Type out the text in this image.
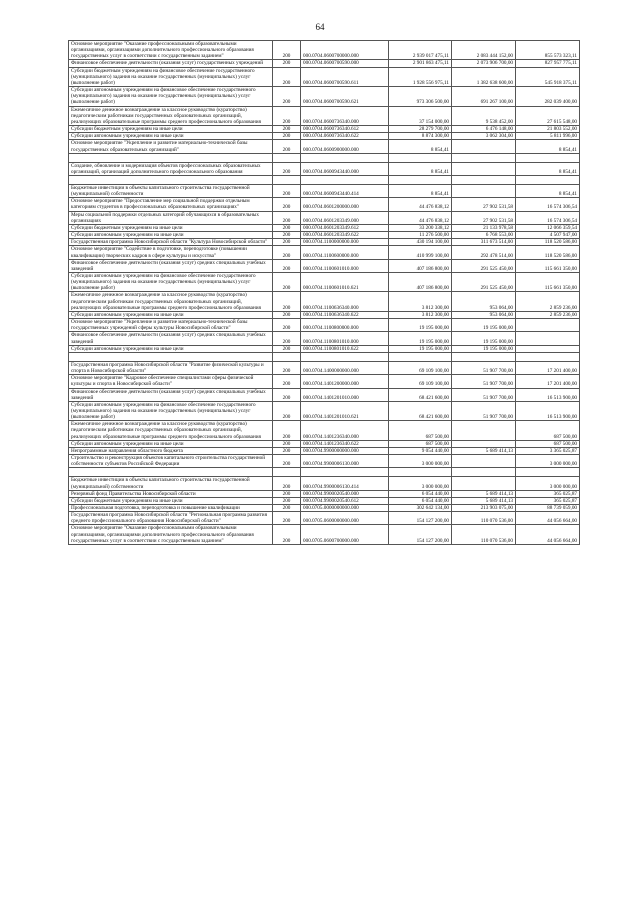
64
Основное мероприятие "Оказание профессиональными образовательными организациями, организациями дополнительного профессионального образования государственных услуг в соответствии с государственным заданием"	200	000.0704.0600700000.000	2 939 017 475,11	2 083 444 152,00	855 573 323,11
Финансовое обеспечение деятельности (оказания услуг) государственных учреждений	200	000.0704.0600700590.000	2 901 863 475,11	2 073 906 700,00	827 957 775,11
Субсидии бюджетным учреждениям на финансовое обеспечение государственного (муниципального) задания на оказание государственных (муниципальных) услуг (выполнение работ)	200	000.0704.0600700590.611	1 928 556 975,11	1 382 638 600,00	545 918 375,11
Субсидии автономным учреждениям на финансовое обеспечение государственного (муниципального) задания на оказание государственных (муниципальных) услуг (выполнение работ)	200	000.0704.0600700590.621	973 306 500,00	691 267 100,00	282 039 400,00
Ежемесячное денежное вознаграждение за классное руководство (кураторство) педагогическим работникам государственных образовательных организаций, реализующих образовательные программы среднего профессионального образования	200	000.0704.0600736340.000	37 154 000,00	9 538 452,00	27 615 548,00
Субсидии бюджетным учреждениям на иные цели	200	000.0704.0600736340.612	28 279 700,00	6 476 148,00	21 803 552,00
Субсидии автономным учреждениям на иные цели	200	000.0704.0600736340.622	8 874 300,00	3 062 304,00	5 811 996,00
Основное мероприятие "Укрепление и развитие материально-технической базы государственных образовательных организаций"	200	000.0704.0600900000.000	8 854,41		8 854,41

Создание, обновление и модернизация объектов профессиональных образовательных организаций, организаций дополнительного профессионального образования	200	000.0704.0600943440.000	8 854,41		8 854,41

Бюджетные инвестиции в объекты капитального строительства государственной (муниципальной) собственности	200	000.0704.0600943440.414	8 854,41		8 854,41
Основное мероприятие "Предоставление мер социальной поддержки отдельным категориям студентов в профессиональных образовательных организациях"	200	000.0704.0601200000.000	44 476 838,12	27 902 531,58	16 574 306,54
Меры социальной поддержки отдельных категорий обучающихся в образовательных организациях	200	000.0704.0601203349.000	44 476 838,12	27 902 531,58	16 574 306,54
Субсидии бюджетным учреждениям на иные цели	200	000.0704.0601203349.612	33 200 338,12	21 133 978,58	12 066 359,54
Субсидии автономным учреждениям на иные цели	200	000.0704.0601203349.622	11 276 500,00	6 768 553,00	4 507 947,00
Государственная программа Новосибирской области "Культура Новосибирской области"	200	000.0704.1100000000.000	430 194 100,00	311 673 514,00	118 520 586,00
Основное мероприятие "Содействие в подготовке, переподготовке (повышении квалификации) творческих кадров в сфере культуры и искусства"	200	000.0704.1100600000.000	410 999 100,00	292 478 514,00	118 520 586,00
Финансовое обеспечение деятельности (оказания услуг) средних специальных учебных заведений	200	000.0704.1100601010.000	407 186 800,00	291 525 450,00	115 661 350,00
Субсидии автономным учреждениям на финансовое обеспечение государственного (муниципального) задания на оказание государственных (муниципальных) услуг (выполнение работ)	200	000.0704.1100601010.621	407 186 800,00	291 525 450,00	115 661 350,00
Ежемесячное денежное вознаграждение за классное руководство (кураторство) педагогическим работникам государственных образовательных организаций, реализующих образовательные программы среднего профессионального образования	200	000.0704.1100636340.000	3 812 300,00	953 064,00	2 859 236,00
Субсидии автономным учреждениям на иные цели	200	000.0704.1100636340.622	3 812 300,00	953 064,00	2 859 236,00
Основное мероприятие "Укрепление и развитие материально-технической базы государственных учреждений сферы культуры Новосибирской области"	200	000.0704.1100800000.000	19 195 000,00	19 195 000,00	
Финансовое обеспечение деятельности (оказания услуг) средних специальных учебных заведений	200	000.0704.1100801010.000	19 195 000,00	19 195 000,00	
Субсидии автономным учреждениям на иные цели	200	000.0704.1100801010.622	19 195 000,00	19 195 000,00	

Государственная программа Новосибирской области "Развитие физической культуры и спорта в Новосибирской области"	200	000.0704.1400000000.000	69 109 100,00	51 907 700,00	17 201 400,00
Основное мероприятие "Кадровое обеспечение специалистами сферы физической культуры и спорта в Новосибирской области"	200	000.0704.1401200000.000	69 109 100,00	51 907 700,00	17 201 400,00
Финансовое обеспечение деятельности (оказания услуг) средних специальных учебных заведений	200	000.0704.1401201010.000	68 421 600,00	51 907 700,00	16 513 900,00
Субсидии автономным учреждениям на финансовое обеспечение государственного (муниципального) задания на оказание государственных (муниципальных) услуг (выполнение работ)	200	000.0704.1401201010.621	68 421 600,00	51 907 700,00	16 513 900,00
Ежемесячное денежное вознаграждение за классное руководство (кураторство) педагогическим работникам государственных образовательных организаций, реализующих образовательные программы среднего профессионального образования	200	000.0704.1401236340.000	687 500,00		687 500,00
Субсидии автономным учреждениям на иные цели	200	000.0704.1401236340.622	687 500,00		687 500,00
Непрограммные направления областного бюджета	200	000.0704.9900000000.000	9 054 440,00	5 689 414,13	3 365 025,87
Строительство и реконструкция объектов капитального строительства государственной собственности субъектов Российской Федерации	200	000.0704.9900006130.000	3 000 000,00		3 000 000,00

Бюджетные инвестиции в объекты капитального строительства государственной (муниципальной) собственности	200	000.0704.9900006130.414	3 000 000,00		3 000 000,00
Резервный фонд Правительства Новосибирской области	200	000.0704.9900020540.000	6 054 440,00	5 689 414,13	365 025,87
Субсидии бюджетным учреждениям на иные цели	200	000.0704.9900020540.612	6 054 440,00	5 689 414,13	365 025,87
Профессиональная подготовка, переподготовка и повышение квалификации	200	000.0705.0000000000.000	302 642 134,00	213 903 075,00	88 739 059,00
Государственная программа Новосибирской области "Региональная программа развития среднего профессионального образования Новосибирской области"	200	000.0705.0600000000.000	154 127 200,00	110 070 536,00	44 056 664,00
Основное мероприятие "Оказание профессиональными образовательными организациями, организациями дополнительного профессионального образования государственных услуг в соответствии с государственным заданием"	200	000.0705.0600700000.000	154 127 200,00	110 070 536,00	44 056 664,00
